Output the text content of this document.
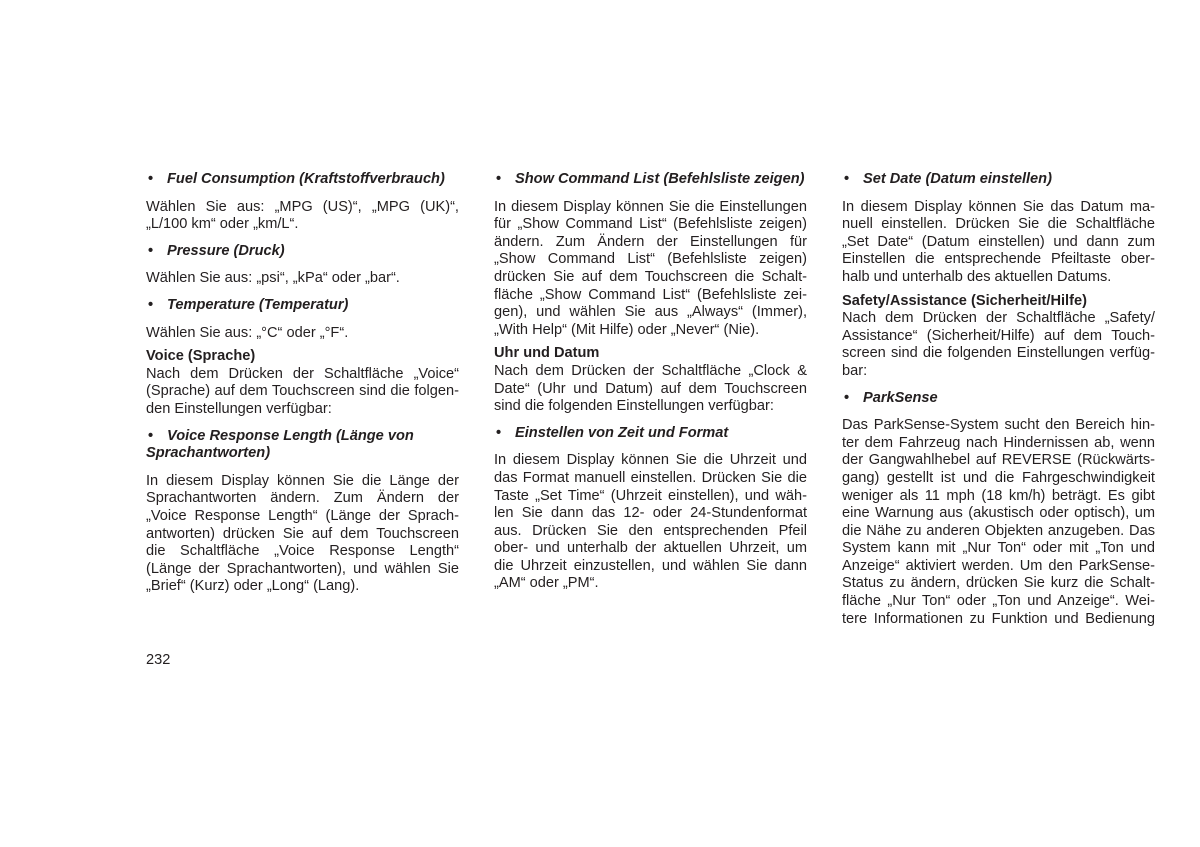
• Fuel Consumption (Kraftstoffverbrauch)
Wählen Sie aus: „MPG (US)“, „MPG (UK)“,
„L/100 km“ oder „km/L“.
• Pressure (Druck)
Wählen Sie aus: „psi“, „kPa“ oder „bar“.
• Temperature (Temperatur)
Wählen Sie aus: „°C“ oder „°F“.
Voice (Sprache)
Nach dem Drücken der Schaltfläche „Voice“
(Sprache) auf dem Touchscreen sind die folgen-
den Einstellungen verfügbar:
• Voice Response Length (Länge von
Sprachantworten)
In diesem Display können Sie die Länge der
Sprachantworten ändern. Zum Ändern der
„Voice Response Length“ (Länge der Sprach-
antworten) drücken Sie auf dem Touchscreen
die Schaltfläche „Voice Response Length“
(Länge der Sprachantworten), und wählen Sie
„Brief“ (Kurz) oder „Long“ (Lang).
• Show Command List (Befehlsliste zeigen)
In diesem Display können Sie die Einstellungen
für „Show Command List“ (Befehlsliste zeigen)
ändern. Zum Ändern der Einstellungen für
„Show Command List“ (Befehlsliste zeigen)
drücken Sie auf dem Touchscreen die Schalt-
fläche „Show Command List“ (Befehlsliste zei-
gen), und wählen Sie aus „Always“ (Immer),
„With Help“ (Mit Hilfe) oder „Never“ (Nie).
Uhr und Datum
Nach dem Drücken der Schaltfläche „Clock &
Date“ (Uhr und Datum) auf dem Touchscreen
sind die folgenden Einstellungen verfügbar:
• Einstellen von Zeit und Format
In diesem Display können Sie die Uhrzeit und
das Format manuell einstellen. Drücken Sie die
Taste „Set Time“ (Uhrzeit einstellen), und wäh-
len Sie dann das 12- oder 24-Stundenformat
aus. Drücken Sie den entsprechenden Pfeil
ober- und unterhalb der aktuellen Uhrzeit, um
die Uhrzeit einzustellen, und wählen Sie dann
„AM“ oder „PM“.
• Set Date (Datum einstellen)
In diesem Display können Sie das Datum ma-
nuell einstellen. Drücken Sie die Schaltfläche
„Set Date“ (Datum einstellen) und dann zum
Einstellen die entsprechende Pfeiltaste ober-
halb und unterhalb des aktuellen Datums.
Safety/Assistance (Sicherheit/Hilfe)
Nach dem Drücken der Schaltfläche „Safety/
Assistance“ (Sicherheit/Hilfe) auf dem Touch-
screen sind die folgenden Einstellungen verfüg-
bar:
• ParkSense
Das ParkSense-System sucht den Bereich hin-
ter dem Fahrzeug nach Hindernissen ab, wenn
der Gangwahlhebel auf REVERSE (Rückwärts-
gang) gestellt ist und die Fahrgeschwindigkeit
weniger als 11 mph (18 km/h) beträgt. Es gibt
eine Warnung aus (akustisch oder optisch), um
die Nähe zu anderen Objekten anzugeben. Das
System kann mit „Nur Ton“ oder mit „Ton und
Anzeige“ aktiviert werden. Um den ParkSense-
Status zu ändern, drücken Sie kurz die Schalt-
fläche „Nur Ton“ oder „Ton und Anzeige“. Wei-
tere Informationen zu Funktion und Bedienung
232
